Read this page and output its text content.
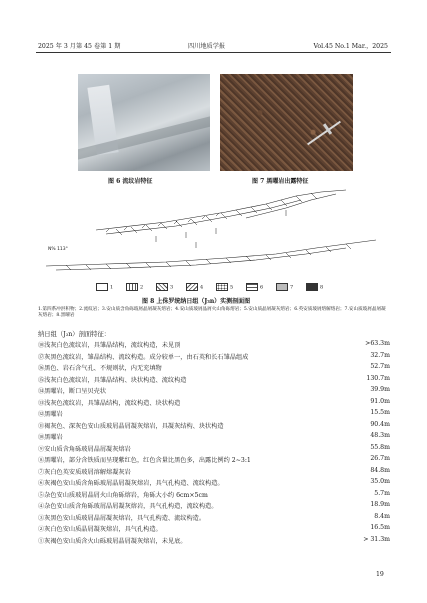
2025 年 3 月第 45 卷第 1 期	四川地质学报	Vol.45 No.1 Mar.，2025
图 6 流纹岩特征	图 7 黑曜岩出露特征
N% 113°
1	2	3	4	5	6	7	8
图 8 上侏罗统纳日组（J₃n）实测剖面图
1.第四系冲洪积物；2.流纹岩；3.安山质含角砾玻屑晶屑凝灰熔岩；4.安山质玻屑晶屑火山角砾熔岩；5.安山质晶屑凝灰熔岩；6.英安质玻屑熔解熔岩；7.安山质玻屑晶屑凝灰熔岩；8.黑曜岩
纳日组（J₃n）剖面特征：
⑩浅灰白色流纹岩，具雏晶结构，流纹构造，未见顶	>63.3m
⑰灰黑色流纹岩，雏晶结构、流纹构造。成分较单一，由石英和长石雏晶组成	32.7m
⑯黑色、岩石含气孔、不规则状，内无充填物	52.7m
⑮浅灰白色流纹岩，具雏晶结构、块状构造、流纹构造	130.7m
⑭黑曜岩，断口呈贝壳状	39.9m
⑬浅灰色流纹岩，具雏晶结构，流纹构造、块状构造	91.0m
⑫黑曜岩	15.5m
⑪褐灰色、深灰色安山质玻屑晶屑凝灰熔岩，具凝灰结构、块状构造	90.4m
⑩黑曜岩	48.3m
⑨安山质含角砾玻屑晶屑凝灰熔岩	55.8m
⑧黑曜岩，部分含铁质而呈现紫红色，红色含量比黑色多，出露比例约 2~3:1	26.7m
⑦灰白色英安质玻屑溶解熔凝灰岩	84.8m
⑥灰褐色安山质含角砾玻屑晶屑凝灰熔岩，具气孔构造、流纹构造。	35.0m
⑤杂色安山质玻屑晶屑火山角砾熔岩，角砾大小约 6cm×5cm	5.7m
④杂色安山质含角砾玻屑晶屑凝灰熔岩，具气孔构造，流纹构造。	18.9m
③灰黑色安山质玻屑晶屑凝灰熔岩，具气孔构造、流纹构造。	8.4m
②灰白色安山质晶屑凝灰熔岩，具气孔构造。	16.5m
①灰褐色安山质含火山砾玻屑晶屑凝灰熔岩，未见底。	> 31.3m
19
